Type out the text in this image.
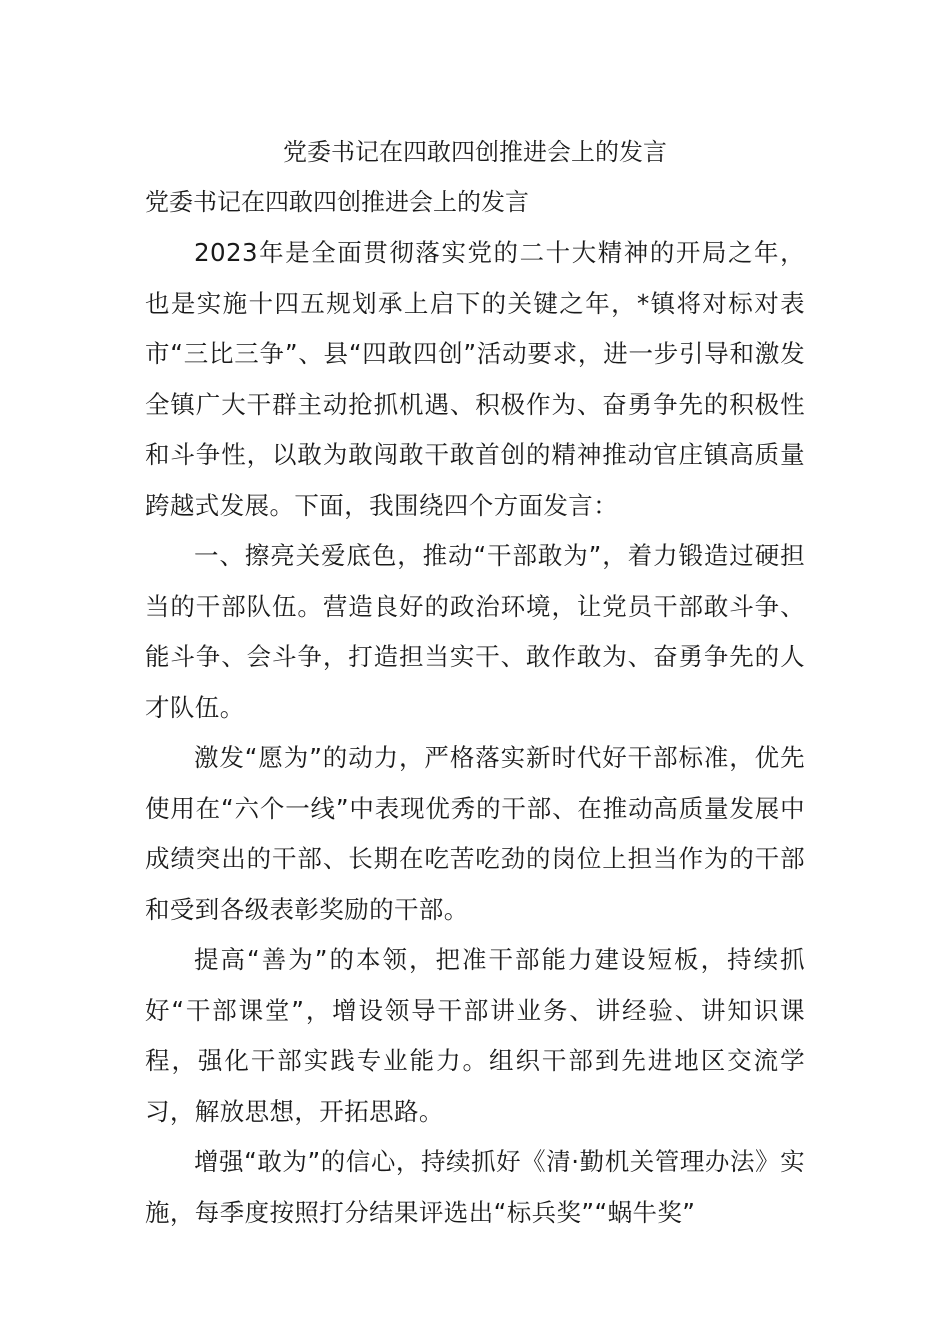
党委书记在四敢四创推进会上的发言
党委书记在四敢四创推进会上的发言

2023年是全面贯彻落实党的二十大精神的开局之年，也是实施十四五规划承上启下的关键之年，*镇将对标对表市“三比三争”、县“四敢四创”活动要求，进一步引导和激发全镇广大干群主动抢抓机遇、积极作为、奋勇争先的积极性和斗争性，以敢为敢闯敢干敢首创的精神推动官庄镇高质量跨越式发展。下面，我围绕四个方面发言：

一、擦亮关爱底色，推动“干部敢为”，着力锻造过硬担当的干部队伍。营造良好的政治环境，让党员干部敢斗争、能斗争、会斗争，打造担当实干、敢作敢为、奋勇争先的人才队伍。

激发“愿为”的动力，严格落实新时代好干部标准，优先使用在“六个一线”中表现优秀的干部、在推动高质量发展中成绩突出的干部、长期在吃苦吃劲的岗位上担当作为的干部和受到各级表彰奖励的干部。

提高“善为”的本领，把准干部能力建设短板，持续抓好“干部课堂”，增设领导干部讲业务、讲经验、讲知识课程，强化干部实践专业能力。组织干部到先进地区交流学习，解放思想，开拓思路。

增强“敢为”的信心，持续抓好《清·勤机关管理办法》实施，每季度按照打分结果评选出“标兵奖”“蜗牛奖”
